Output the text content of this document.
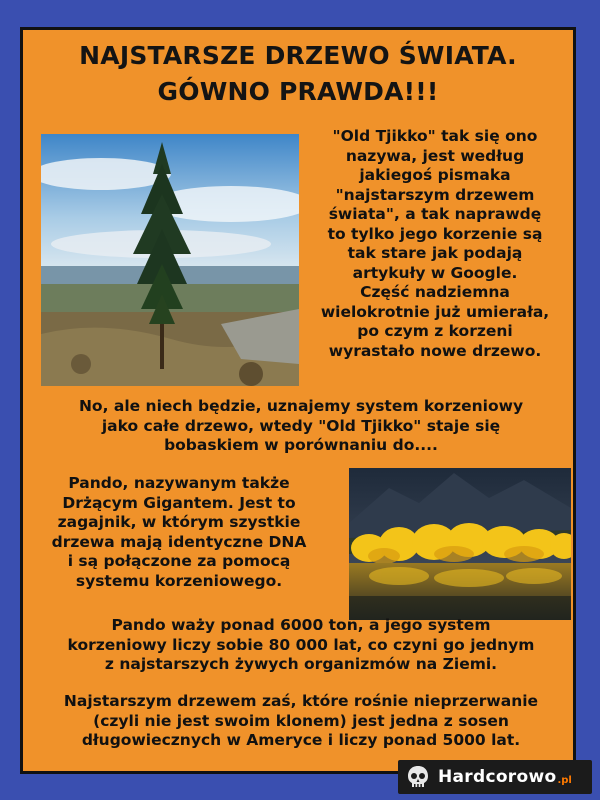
NAJSTARSZE DRZEWO ŚWIATA.
GÓWNO PRAWDA!!!
"Old Tjikko" tak się ono
nazywa, jest według
jakiegoś pismaka
"najstarszym drzewem
świata", a tak naprawdę
to tylko jego korzenie są
tak stare jak podają
artykuły w Google.
Część nadziemna
wielokrotnie już umierała,
po czym z korzeni
wyrastało nowe drzewo.
No, ale niech będzie, uznajemy system korzeniowy
jako całe drzewo, wtedy "Old Tjikko" staje się
bobaskiem w porównaniu do....
Pando, nazywanym także
Drżącym Gigantem. Jest to
zagajnik, w którym szystkie
drzewa mają identyczne DNA
i są połączone za pomocą
systemu korzeniowego.
Pando waży ponad 6000 ton, a jego system
korzeniowy liczy sobie 80 000 lat, co czyni go jednym
z najstarszych żywych organizmów na Ziemi.
Najstarszym drzewem zaś, które rośnie nieprzerwanie
(czyli nie jest swoim klonem) jest jedna z sosen
długowiecznych w Ameryce i liczy ponad 5000 lat.
Hardcorowo .pl
